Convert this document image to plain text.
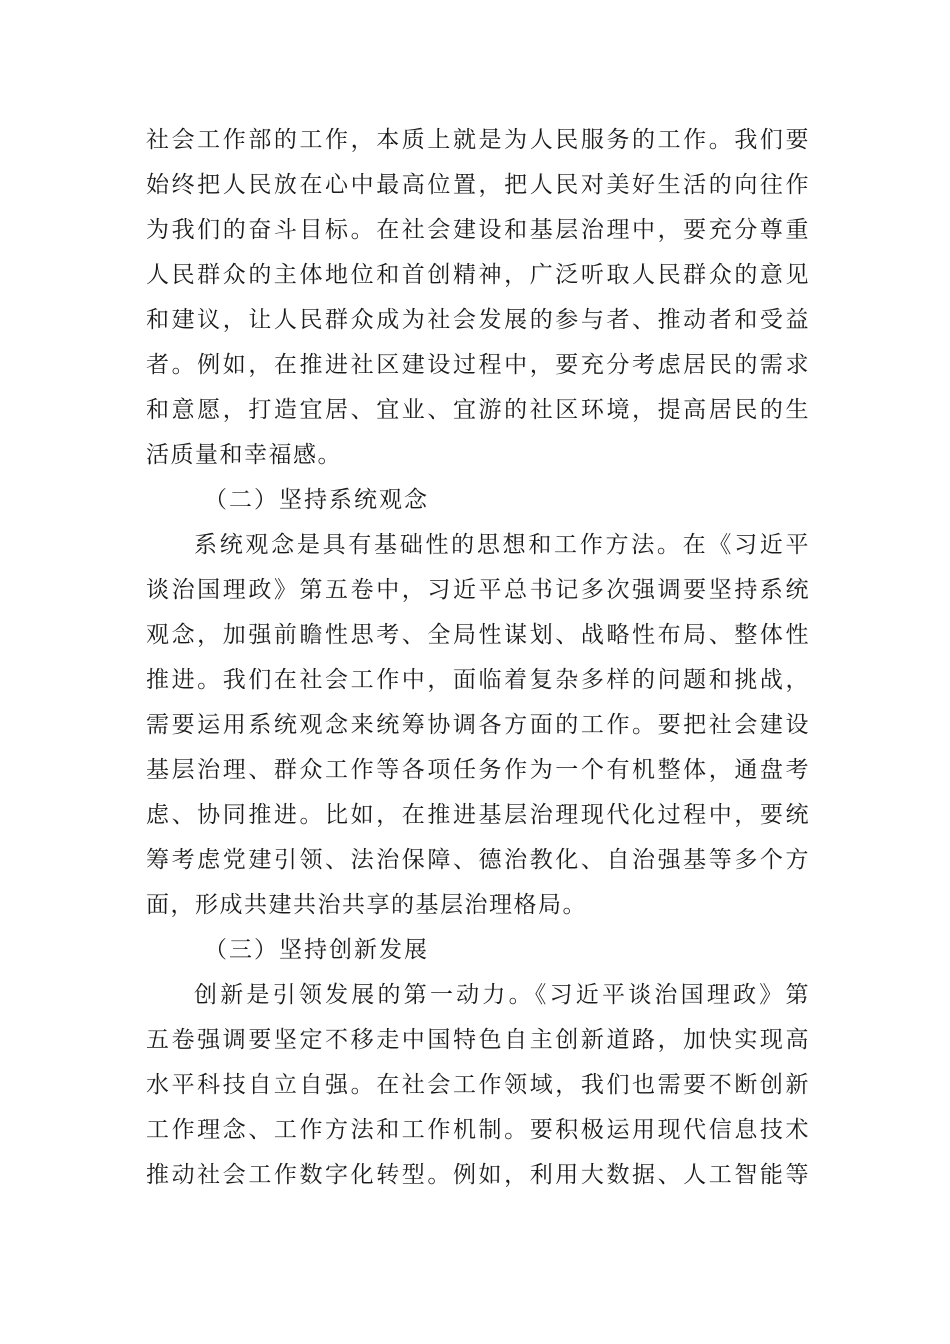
社会工作部的工作，本质上就是为人民服务的工作。我们要
始终把人民放在心中最高位置，把人民对美好生活的向往作
为我们的奋斗目标。在社会建设和基层治理中，要充分尊重
人民群众的主体地位和首创精神，广泛听取人民群众的意见
和建议，让人民群众成为社会发展的参与者、推动者和受益
者。例如，在推进社区建设过程中，要充分考虑居民的需求
和意愿，打造宜居、宜业、宜游的社区环境，提高居民的生
活质量和幸福感。
（二）坚持系统观念
系统观念是具有基础性的思想和工作方法。在《习近平
谈治国理政》第五卷中，习近平总书记多次强调要坚持系统
观念，加强前瞻性思考、全局性谋划、战略性布局、整体性
推进。我们在社会工作中，面临着复杂多样的问题和挑战，
需要运用系统观念来统筹协调各方面的工作。要把社会建设
基层治理、群众工作等各项任务作为一个有机整体，通盘考
虑、协同推进。比如，在推进基层治理现代化过程中，要统
筹考虑党建引领、法治保障、德治教化、自治强基等多个方
面，形成共建共治共享的基层治理格局。
（三）坚持创新发展
创新是引领发展的第一动力。《习近平谈治国理政》第
五卷强调要坚定不移走中国特色自主创新道路，加快实现高
水平科技自立自强。在社会工作领域，我们也需要不断创新
工作理念、工作方法和工作机制。要积极运用现代信息技术
推动社会工作数字化转型。例如，利用大数据、人工智能等
